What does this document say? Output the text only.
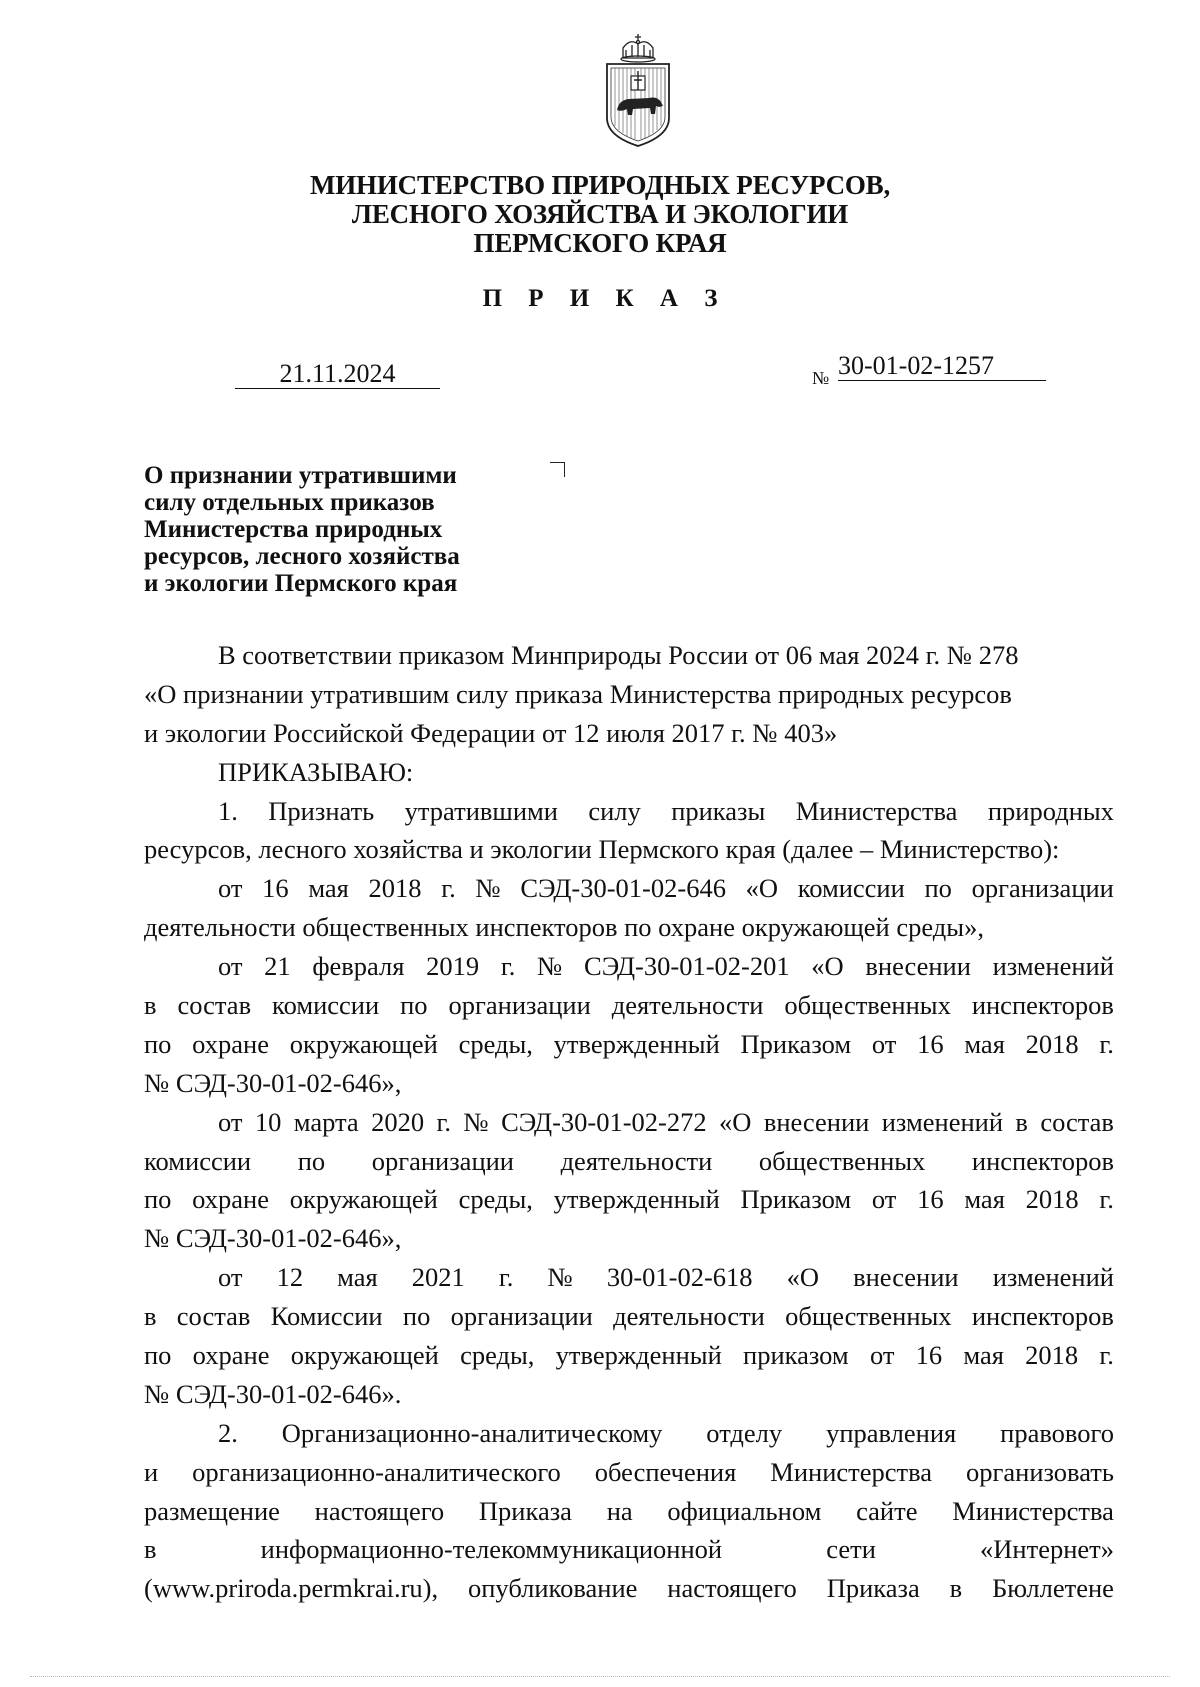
МИНИСТЕРСТВО ПРИРОДНЫХ РЕСУРСОВ,
ЛЕСНОГО ХОЗЯЙСТВА И ЭКОЛОГИИ
ПЕРМСКОГО КРАЯ
П Р И К А З
21.11.2024	№ 30-01-02-1257
О признании утратившими
силу отдельных приказов
Министерства природных
ресурсов, лесного хозяйства
и экологии Пермского края
В соответствии приказом Минприроды России от 06 мая 2024 г. № 278
«О признании утратившим силу приказа Министерства природных ресурсов
и экологии Российской Федерации от 12 июля 2017 г. № 403»
ПРИКАЗЫВАЮ:
1. Признать утратившими силу приказы Министерства природных
ресурсов, лесного хозяйства и экологии Пермского края (далее – Министерство):
от 16 мая 2018 г. № СЭД-30-01-02-646 «О комиссии по организации
деятельности общественных инспекторов по охране окружающей среды»,
от 21 февраля 2019 г. № СЭД-30-01-02-201 «О внесении изменений
в состав комиссии по организации деятельности общественных инспекторов
по охране окружающей среды, утвержденный Приказом от 16 мая 2018 г.
№ СЭД-30-01-02-646»,
от 10 марта 2020 г. № СЭД-30-01-02-272 «О внесении изменений в состав
комиссии по организации деятельности общественных инспекторов
по охране окружающей среды, утвержденный Приказом от 16 мая 2018 г.
№ СЭД-30-01-02-646»,
от 12 мая 2021 г. № 30-01-02-618 «О внесении изменений
в состав Комиссии по организации деятельности общественных инспекторов
по охране окружающей среды, утвержденный приказом от 16 мая 2018 г.
№ СЭД-30-01-02-646».
2. Организационно-аналитическому отделу управления правового
и организационно-аналитического обеспечения Министерства организовать
размещение настоящего Приказа на официальном сайте Министерства
в	информационно-телекоммуникационной	сети	«Интернет»
(www.priroda.permkrai.ru), опубликование настоящего Приказа в Бюллетене
